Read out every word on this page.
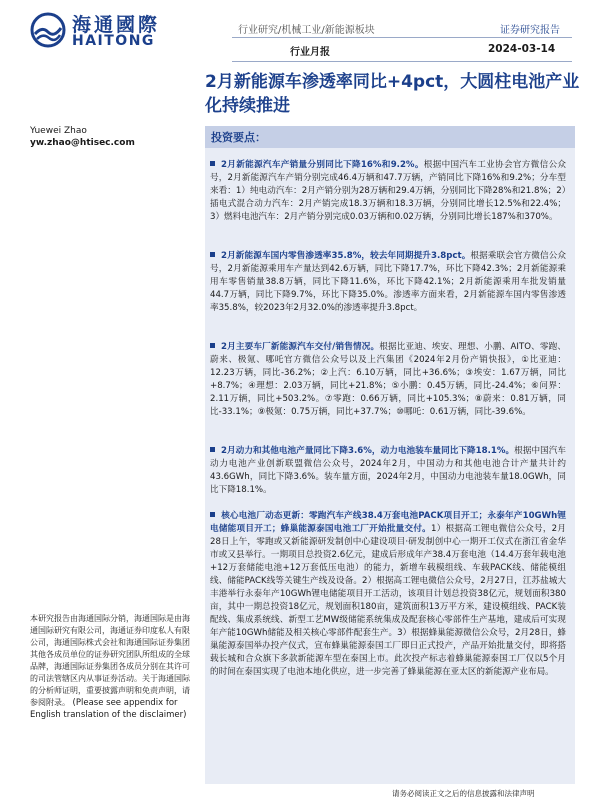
海通國際
HAITONG
行业研究/机械工业/新能源板块
行业月报
证券研究报告
2024-03-14
2月新能源车渗透率同比+4pct，大圆柱电池产业化持续推进
Yuewei Zhao
yw.zhao@htisec.com	投资要点：
2月新能源汽车产销量分别同比下降16%和9.2%。根据中国汽车工业协会官方微信公众号，2月新能源汽车产销分别完成46.4万辆和47.7万辆，产销同比下降16%和9.2%；分车型来看：1）纯电动汽车：2月产销分别为28万辆和29.4万辆，分别同比下降28%和21.8%；2）插电式混合动力汽车：2月产销完成18.3万辆和18.3万辆，分别同比增长12.5%和22.4%；3）燃料电池汽车：2月产销分别完成0.03万辆和0.02万辆，分别同比增长187%和370%。
2月新能源车国内零售渗透率35.8%，较去年同期提升3.8pct。根据乘联会官方微信公众号，2月新能源乘用车产量达到42.6万辆，同比下降17.7%，环比下降42.3%；2月新能源乘用车零售销量38.8万辆，同比下降11.6%，环比下降42.1%；2月新能源乘用车批发销量44.7万辆，同比下降9.7%，环比下降35.0%。渗透率方面来看，2月新能源车国内零售渗透率35.8%，较2023年2月32.0%的渗透率提升3.8pct。
2月主要车厂新能源汽车交付/销售情况。根据比亚迪、埃安、理想、小鹏、AITO、零跑、蔚来、极氪、哪吒官方微信公众号以及上汽集团《2024年2月份产销快报》，①比亚迪：12.23万辆，同比-36.2%；②上汽：6.10万辆，同比+36.6%；③埃安：1.67万辆，同比+8.7%；④理想：2.03万辆，同比+21.8%；⑤小鹏：0.45万辆，同比-24.4%；⑥问界：2.11万辆，同比+503.2%。⑦零跑：0.66万辆，同比+105.3%；⑧蔚来：0.81万辆，同比-33.1%；⑨极氪：0.75万辆，同比+37.7%；⑩哪吒：0.61万辆，同比-39.6%。
2月动力和其他电池产量同比下降3.6%，动力电池装车量同比下降18.1%。根据中国汽车动力电池产业创新联盟微信公众号，2024年2月，中国动力和其他电池合计产量共计约43.6GWh，同比下降3.6%。装车量方面，2024年2月，中国动力电池装车量18.0GWh，同比下降18.1%。
核心电池厂动态更新：零跑汽车产线38.4万套电池PACK项目开工；永泰年产10GWh锂电储能项目开工；蜂巢能源泰国电池工厂开始批量交付。1）根据高工锂电微信公众号，2月28日上午，零跑或又新能源研发制创中心建设项目·研发制创中心一期开工仪式在浙江省金华市或又县举行。一期项目总投资2.6亿元，建成后形成年产38.4万套电池（14.4万套年载电池+12万套储能电池+12万套低压电池）的能力，新增车载模组线、车载PACK线、储能模组线、储能PACK线等关键生产线及设备。2）根据高工锂电微信公众号，2月27日，江苏盐城大丰港举行永泰年产10GWh锂电储能项目开工活动，该项目计划总投资38亿元，规划面积380亩，其中一期总投资18亿元，规划面积180亩，建筑面积13万平方米，建设模组线、PACK装配线、集成系统线、新型工艺MW级储能系统集成及配套核心零部件生产基地，建成后可实现年产能10GWh储能及相关核心零部件配套生产。3）根据蜂巢能源微信公众号，2月28日，蜂巢能源泰国举办投产仪式，宣布蜂巢能源泰国工厂即日正式投产，产品开始批量交付，即将搭载长城和合众旗下多款新能源车型在泰国上市。此次投产标志着蜂巢能源泰国工厂仅以5个月的时间在泰国实现了电池本地化供应，进一步完善了蜂巢能源在亚太区的新能源产业布局。
本研究报告由海通国际分销，海通国际是由海通国际研究有限公司，海通证券印度私人有限公司，海通国际株式会社和海通国际证券集团其他各成员单位的证券研究团队所组成的全球品牌，海通国际证券集团各成员分别在其许可的司法管辖区内从事证券活动。关于海通国际的分析师证明，重要披露声明和免责声明，请参阅附录。 (Please see appendix for English translation of the disclaimer)
请务必阅读正文之后的信息披露和法律声明
